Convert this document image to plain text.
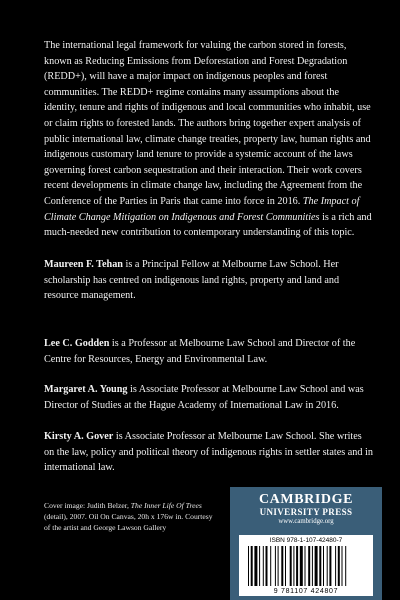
The international legal framework for valuing the carbon stored in forests, known as Reducing Emissions from Deforestation and Forest Degradation (REDD+), will have a major impact on indigenous peoples and forest communities. The REDD+ regime contains many assumptions about the identity, tenure and rights of indigenous and local communities who inhabit, use or claim rights to forested lands. The authors bring together expert analysis of public international law, climate change treaties, property law, human rights and indigenous customary land tenure to provide a systemic account of the laws governing forest carbon sequestration and their interaction. Their work covers recent developments in climate change law, including the Agreement from the Conference of the Parties in Paris that came into force in 2016. The Impact of Climate Change Mitigation on Indigenous and Forest Communities is a rich and much-needed new contribution to contemporary understanding of this topic.

Maureen F. Tehan is a Principal Fellow at Melbourne Law School. Her scholarship has centred on indigenous land rights, property and land and resource management.

Lee C. Godden is a Professor at Melbourne Law School and Director of the Centre for Resources, Energy and Environmental Law.

Margaret A. Young is Associate Professor at Melbourne Law School and was Director of Studies at the Hague Academy of International Law in 2016.

Kirsty A. Gover is Associate Professor at Melbourne Law School. She writes on the law, policy and political theory of indigenous rights in settler states and in international law.

Cover image: Judith Belzer, The Inner Life Of Trees (detail), 2007. Oil On Canvas, 20h x 176w in. Courtesy of the artist and George Lawson Gallery

CAMBRIDGE
UNIVERSITY PRESS
www.cambridge.org
ISBN 978-1-107-42480-7
9 781107 424807
